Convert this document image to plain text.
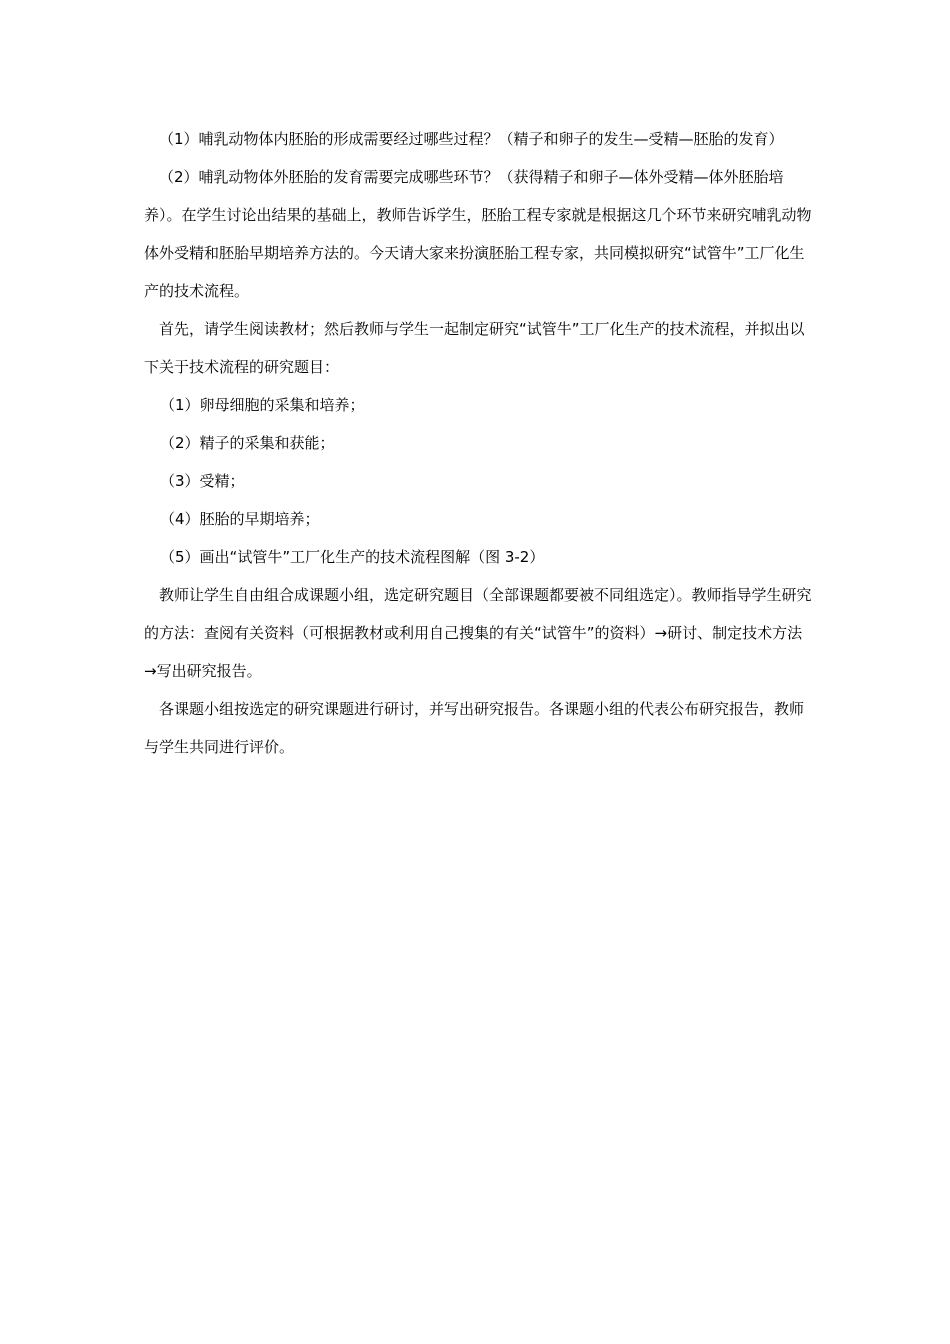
（1）哺乳动物体内胚胎的形成需要经过哪些过程？（精子和卵子的发生—受精—胚胎的发育）

（2）哺乳动物体外胚胎的发育需要完成哪些环节？（获得精子和卵子—体外受精—体外胚胎培养）。在学生讨论出结果的基础上，教师告诉学生，胚胎工程专家就是根据这几个环节来研究哺乳动物体外受精和胚胎早期培养方法的。今天请大家来扮演胚胎工程专家，共同模拟研究“试管牛”工厂化生产的技术流程。

首先，请学生阅读教材；然后教师与学生一起制定研究“试管牛”工厂化生产的技术流程，并拟出以下关于技术流程的研究题目：

（1）卵母细胞的采集和培养；

（2）精子的采集和获能；

（3）受精；

（4）胚胎的早期培养；

（5）画出“试管牛”工厂化生产的技术流程图解（图 3-2）

教师让学生自由组合成课题小组，选定研究题目（全部课题都要被不同组选定）。教师指导学生研究的方法：查阅有关资料（可根据教材或利用自己搜集的有关“试管牛”的资料）→研讨、制定技术方法→写出研究报告。

各课题小组按选定的研究课题进行研讨，并写出研究报告。各课题小组的代表公布研究报告，教师与学生共同进行评价。
